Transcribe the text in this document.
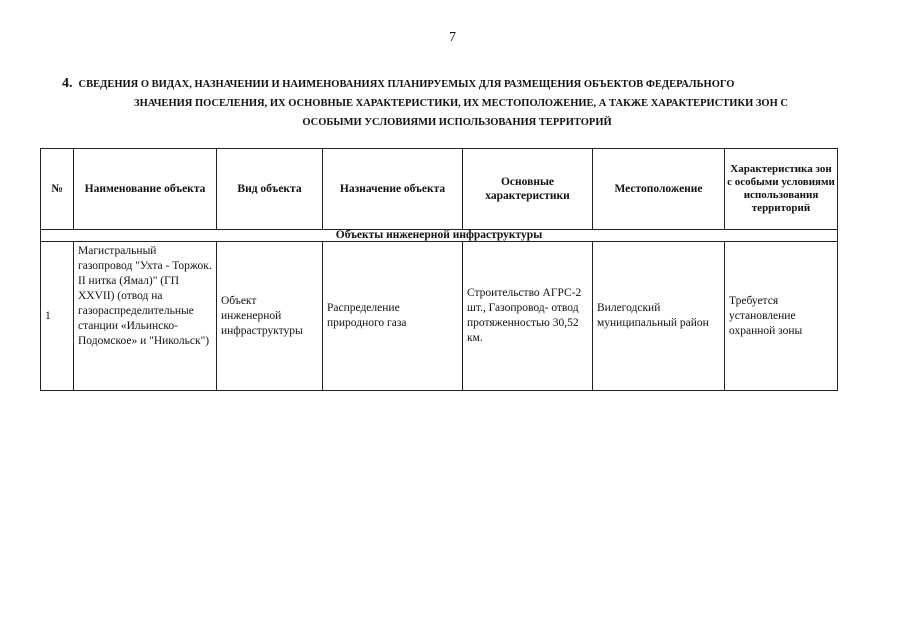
7
4. СВЕДЕНИЯ О ВИДАХ, НАЗНАЧЕНИИ И НАИМЕНОВАНИЯХ ПЛАНИРУЕМЫХ ДЛЯ РАЗМЕЩЕНИЯ ОБЪЕКТОВ ФЕДЕРАЛЬНОГО
ЗНАЧЕНИЯ ПОСЕЛЕНИЯ, ИХ ОСНОВНЫЕ ХАРАКТЕРИСТИКИ, ИХ МЕСТОПОЛОЖЕНИЕ, А ТАКЖЕ ХАРАКТЕРИСТИКИ ЗОН С
ОСОБЫМИ УСЛОВИЯМИ ИСПОЛЬЗОВАНИЯ ТЕРРИТОРИЙ
№	Наименование объекта	Вид объекта	Назначение объекта	Основные характеристики	Местоположение	Характеристика зон с особыми условиями использования территорий
Объекты инженерной инфраструктуры						
1	Магистральный газопровод "Ухта - Торжок. II нитка (Ямал)" (ГП XXVII) (отвод на газораспределительные станции «Ильинско-Подомское» и "Никольск")	Объект инженерной инфраструктуры	Распределение природного газа	Строительство АГРС-2 шт., Газопровод- отвод протяженностью 30,52 км.	Вилегодский муниципальный район	Требуется установление охранной зоны
